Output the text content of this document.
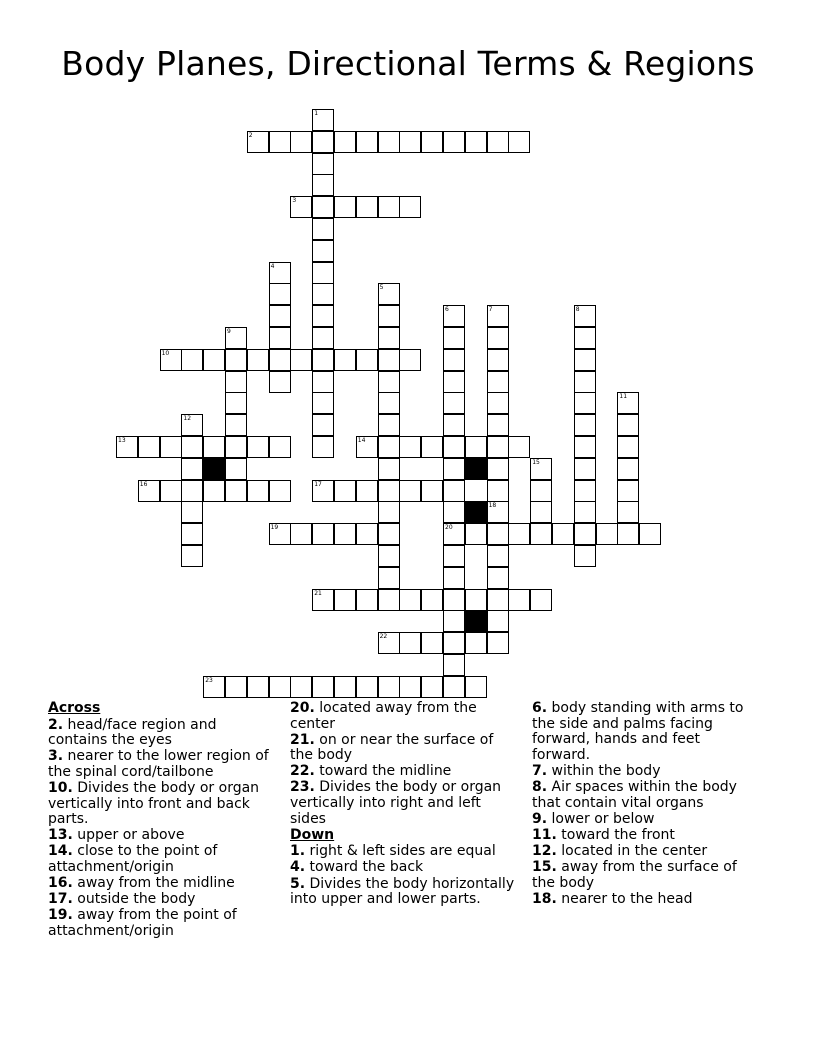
Body Planes, Directional Terms & Regions
2
3
10
13	14
16	17
19	20
21
22
23
1
4
5
6	7
18
8
9
11
12
15
Across
2. head/face region and contains the eyes
3. nearer to the lower region of the spinal cord/tailbone
10. Divides the body or organ vertically into front and back parts.
13. upper or above
14. close to the point of attachment/origin
16. away from the midline
17. outside the body
19. away from the point of attachment/origin
20. located away from the center
21. on or near the surface of the body
22. toward the midline
23. Divides the body or organ vertically into right and left sides
Down
1. right & left sides are equal
4. toward the back
5. Divides the body horizontally into upper and lower parts.
6. body standing with arms to the side and palms facing forward, hands and feet forward.
7. within the body
8. Air spaces within the body that contain vital organs
9. lower or below
11. toward the front
12. located in the center
15. away from the surface of the body
18. nearer to the head
